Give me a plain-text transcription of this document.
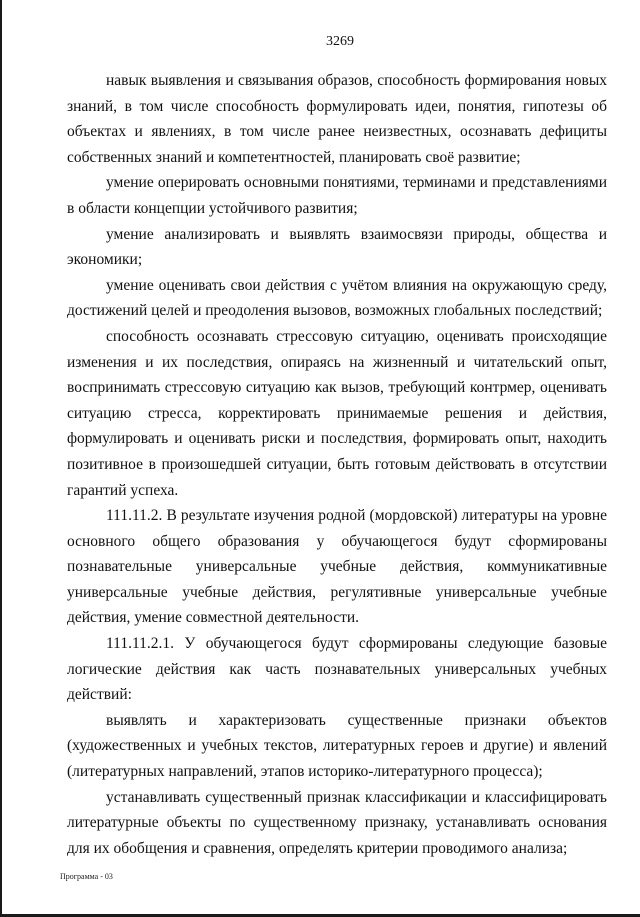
3269

навык выявления и связывания образов, способность формирования новых знаний, в том числе способность формулировать идеи, понятия, гипотезы об объектах и явлениях, в том числе ранее неизвестных, осознавать дефициты собственных знаний и компетентностей, планировать своё развитие;

умение оперировать основными понятиями, терминами и представлениями в области концепции устойчивого развития;

умение анализировать и выявлять взаимосвязи природы, общества и экономики;

умение оценивать свои действия с учётом влияния на окружающую среду, достижений целей и преодоления вызовов, возможных глобальных последствий;

способность осознавать стрессовую ситуацию, оценивать происходящие изменения и их последствия, опираясь на жизненный и читательский опыт, воспринимать стрессовую ситуацию как вызов, требующий контрмер, оценивать ситуацию стресса, корректировать принимаемые решения и действия, формулировать и оценивать риски и последствия, формировать опыт, находить позитивное в произошедшей ситуации, быть готовым действовать в отсутствии гарантий успеха.

111.11.2. В результате изучения родной (мордовской) литературы на уровне основного общего образования у обучающегося будут сформированы познавательные универсальные учебные действия, коммуникативные универсальные учебные действия, регулятивные универсальные учебные действия, умение совместной деятельности.

111.11.2.1. У обучающегося будут сформированы следующие базовые логические действия как часть познавательных универсальных учебных действий:

выявлять и характеризовать существенные признаки объектов (художественных и учебных текстов, литературных героев и другие) и явлений (литературных направлений, этапов историко-литературного процесса);

устанавливать существенный признак классификации и классифицировать литературные объекты по существенному признаку, устанавливать основания для их обобщения и сравнения, определять критерии проводимого анализа;

Программа - 03
